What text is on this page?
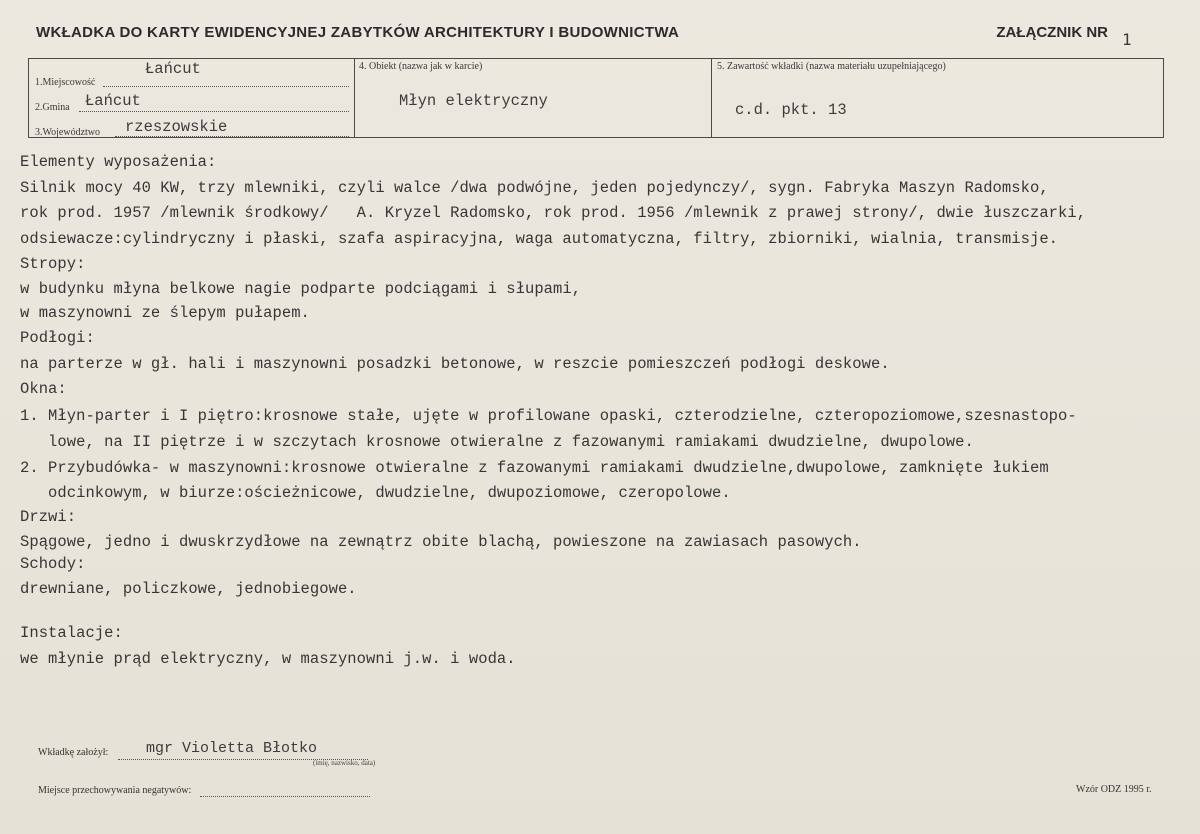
WKŁADKA DO KARTY EWIDENCYJNEJ ZABYTKÓW ARCHITEKTURY I BUDOWNICTWA	ZAŁĄCZNIK NR 1
Łańcut
1.Miejscowość
Łańcut
2.Gmina
rzeszowskie
3.Województwo
4. Obiekt (nazwa jak w karcie)
Młyn elektryczny
5. Zawartość wkładki (nazwa materiału uzupełniającego)
c.d. pkt. 13
Elementy wyposażenia:
Silnik mocy 40 KW, trzy mlewniki, czyli walce /dwa podwójne, jeden pojedynczy/, sygn. Fabryka Maszyn Radomsko,
rok prod. 1957 /mlewnik środkowy/   A. Kryzel Radomsko, rok prod. 1956 /mlewnik z prawej strony/, dwie łuszczarki,
odsiewacze:cylindryczny i płaski, szafa aspiracyjna, waga automatyczna, filtry, zbiorniki, wialnia, transmisje.
Stropy:
w budynku młyna belkowe nagie podparte podciągami i słupami,
w maszynowni ze ślepym pułapem.
Podłogi:
na parterze w gł. hali i maszynowni posadzki betonowe, w reszcie pomieszczeń podłogi deskowe.
Okna:
1. Młyn-parter i I piętro:krosnowe stałe, ujęte w profilowane opaski, czterodzielne, czteropoziomowe,szesnastopo-
lowe, na II piętrze i w szczytach krosnowe otwieralne z fazowanymi ramiakami dwudzielne, dwupolowe.
2. Przybudówka- w maszynowni:krosnowe otwieralne z fazowanymi ramiakami dwudzielne,dwupolowe, zamknięte łukiem
odcinkowym, w biurze:ościeżnicowe, dwudzielne, dwupoziomowe, czeropolowe.
Drzwi:
Spągowe, jedno i dwuskrzydłowe na zewnątrz obite blachą, powieszone na zawiasach pasowych.
Schody:
drewniane, policzkowe, jednobiegowe.
Instalacje:
we młynie prąd elektryczny, w maszynowni j.w. i woda.
Wkładkę założył:	mgr Violetta Błotko
(imię, nazwisko, data)
Miejsce przechowywania negatywów:	Wzór ODZ 1995 r.
